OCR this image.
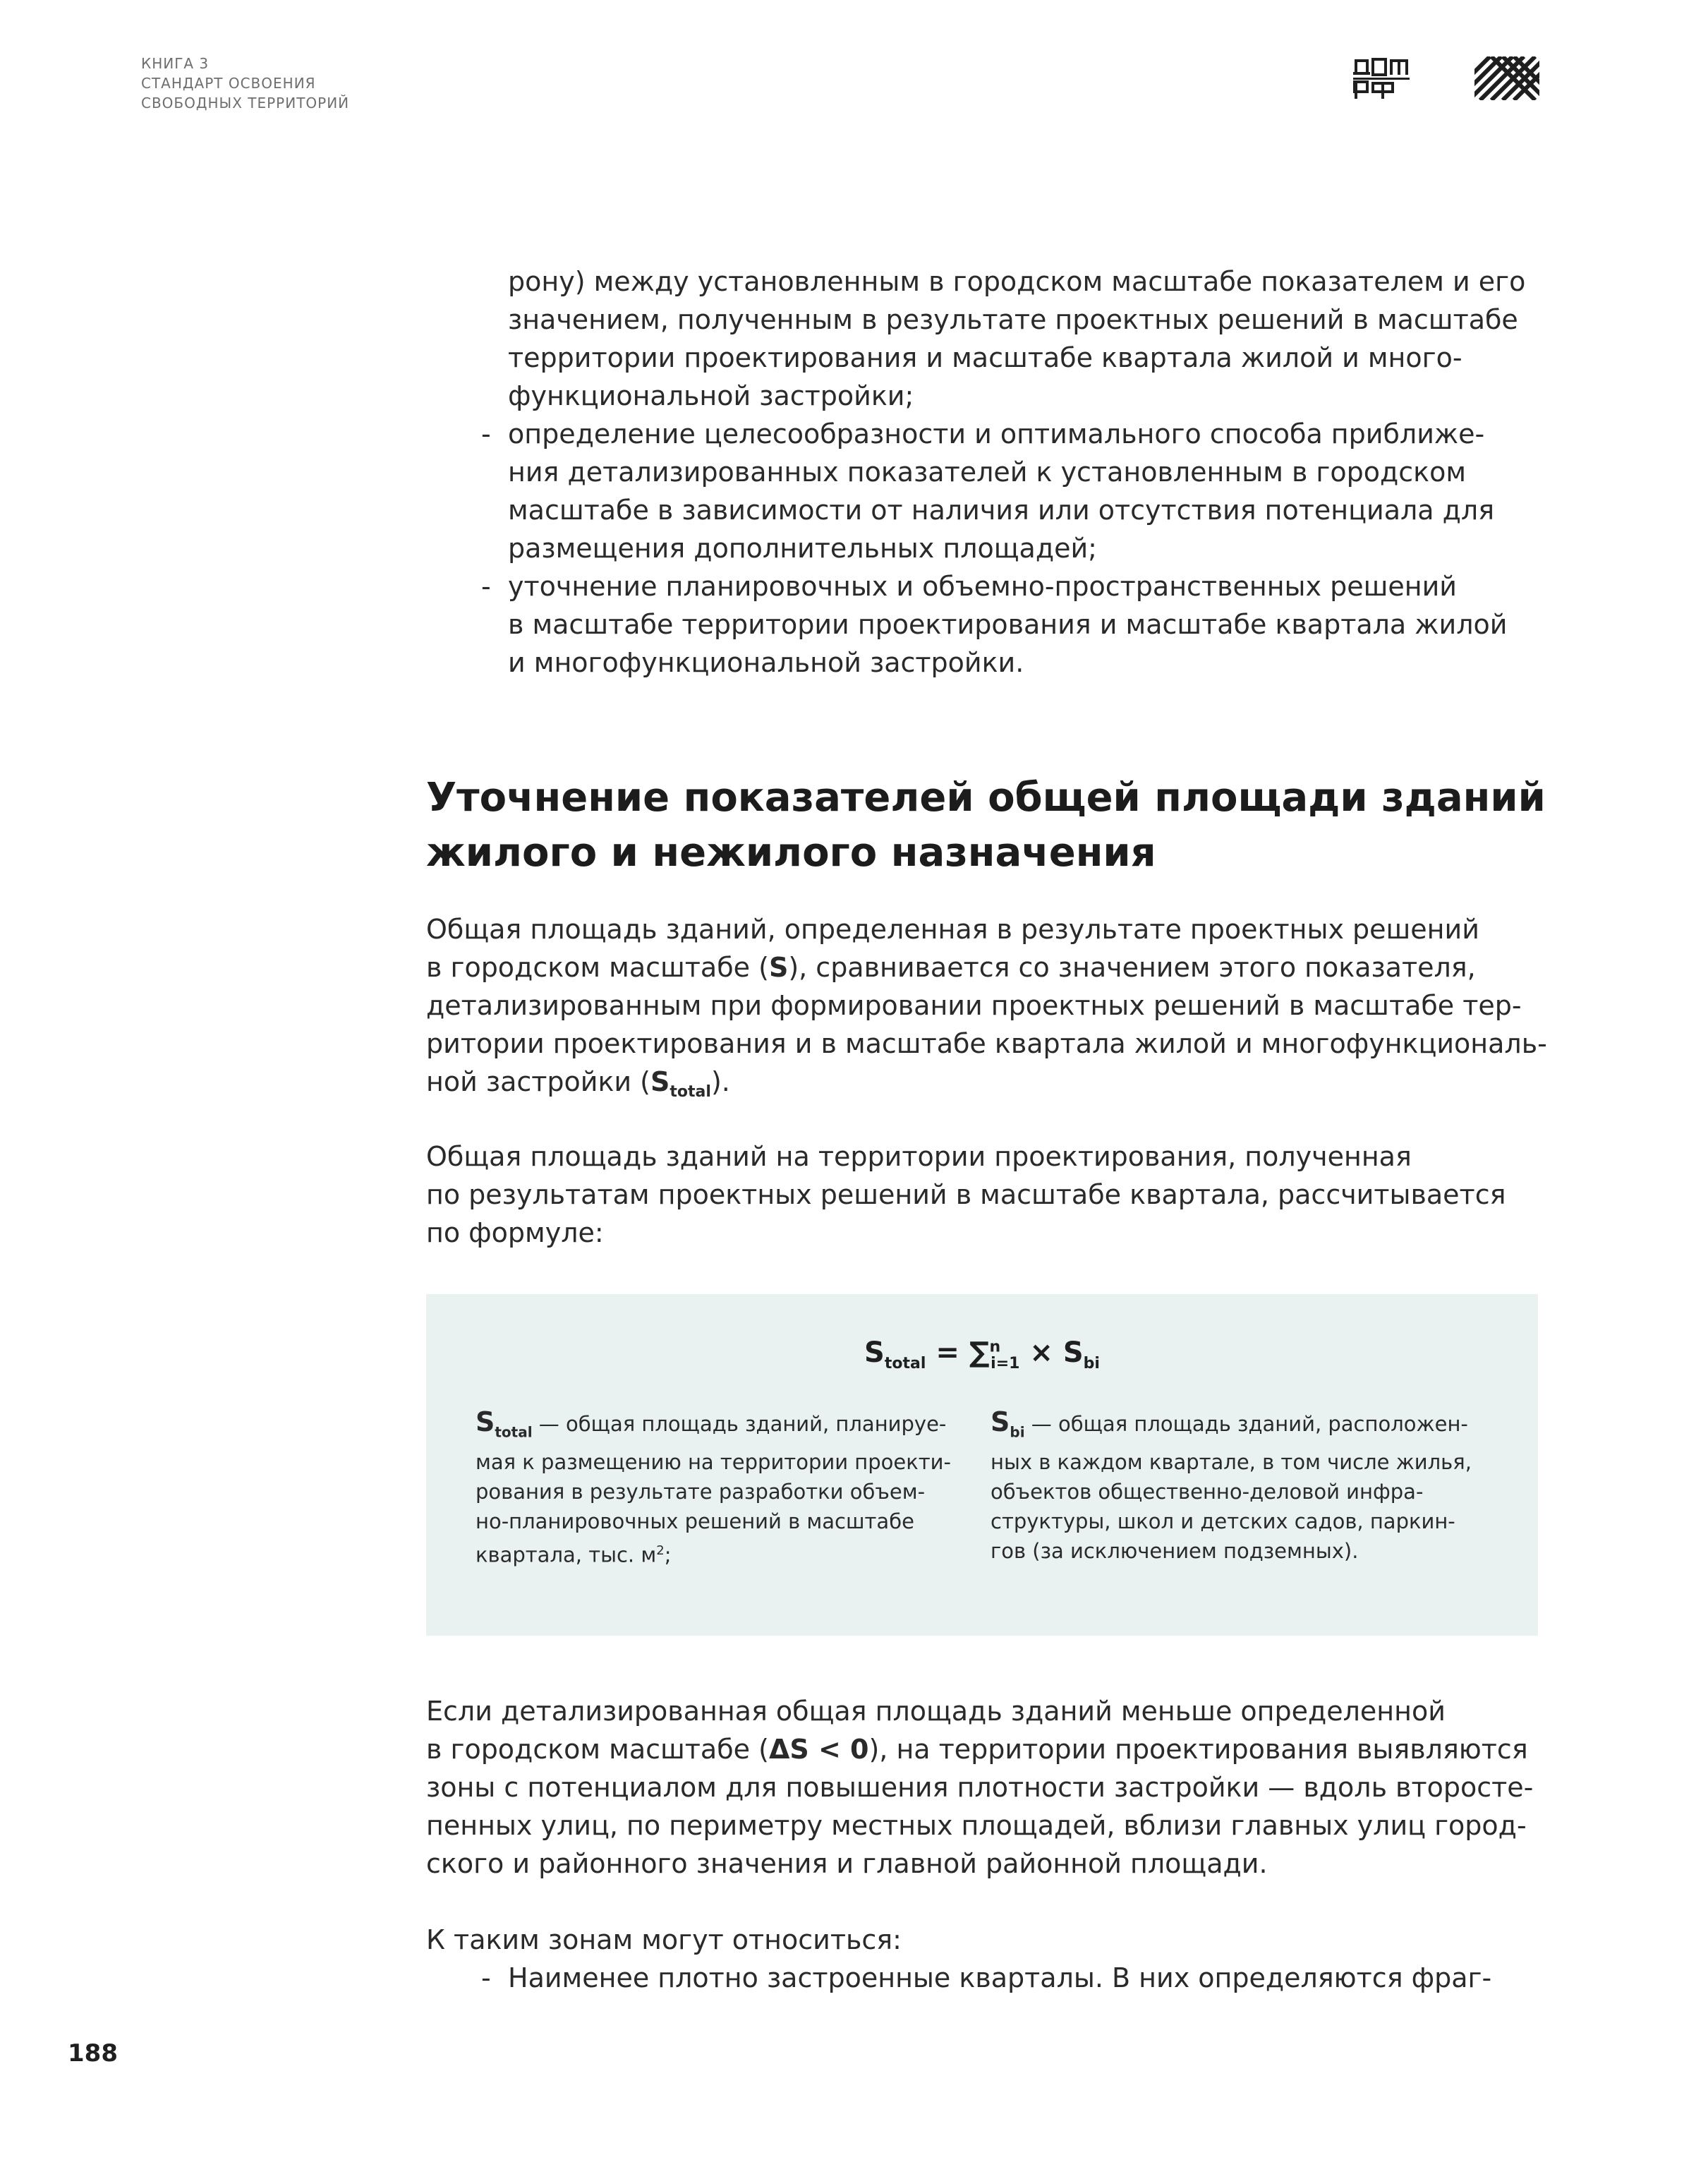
КНИГА 3
СТАНДАРТ ОСВОЕНИЯ
СВОБОДНЫХ ТЕРРИТОРИЙ
рону) между установленным в городском масштабе показателем и его
значением, полученным в результате проектных решений в масштабе
территории проектирования и масштабе квартала жилой и много-
функциональной застройки;
- определение целесообразности и оптимального способа приближе-
ния детализированных показателей к установленным в городском
масштабе в зависимости от наличия или отсутствия потенциала для
размещения дополнительных площадей;
- уточнение планировочных и объемно-пространственных решений
в масштабе территории проектирования и масштабе квартала жилой
и многофункциональной застройки.
Уточнение показателей общей площади зданий
жилого и нежилого назначения
Общая площадь зданий, определенная в результате проектных решений
в городском масштабе (S), сравнивается со значением этого показателя,
детализированным при формировании проектных решений в масштабе тер-
ритории проектирования и в масштабе квартала жилой и многофункциональ-
ной застройки $(S_{total})$.
Общая площадь зданий на территории проектирования, полученная
по результатам проектных решений в масштабе квартала, рассчитывается
по формуле:
$S_{total} = \sum^n_{i=1} \times S_{bi}$
$S_{total}$ — общая площадь зданий, планируе-
мая к размещению на территории проекти-
рования в результате разработки объем-
но-планировочных решений в масштабе
квартала, тыс. $м^2$;
$S_{bi}$ — общая площадь зданий, расположен-
ных в каждом квартале, в том числе жилья,
объектов общественно-деловой инфра-
структуры, школ и детских садов, паркин-
гов (за исключением подземных).
Если детализированная общая площадь зданий меньше определенной
в городском масштабе (ΔS < 0), на территории проектирования выявляются
зоны с потенциалом для повышения плотности застройки — вдоль второсте-
пенных улиц, по периметру местных площадей, вблизи главных улиц город-
ского и районного значения и главной районной площади.
К таким зонам могут относиться:
- Наименее плотно застроенные кварталы. В них определяются фраг-
188
